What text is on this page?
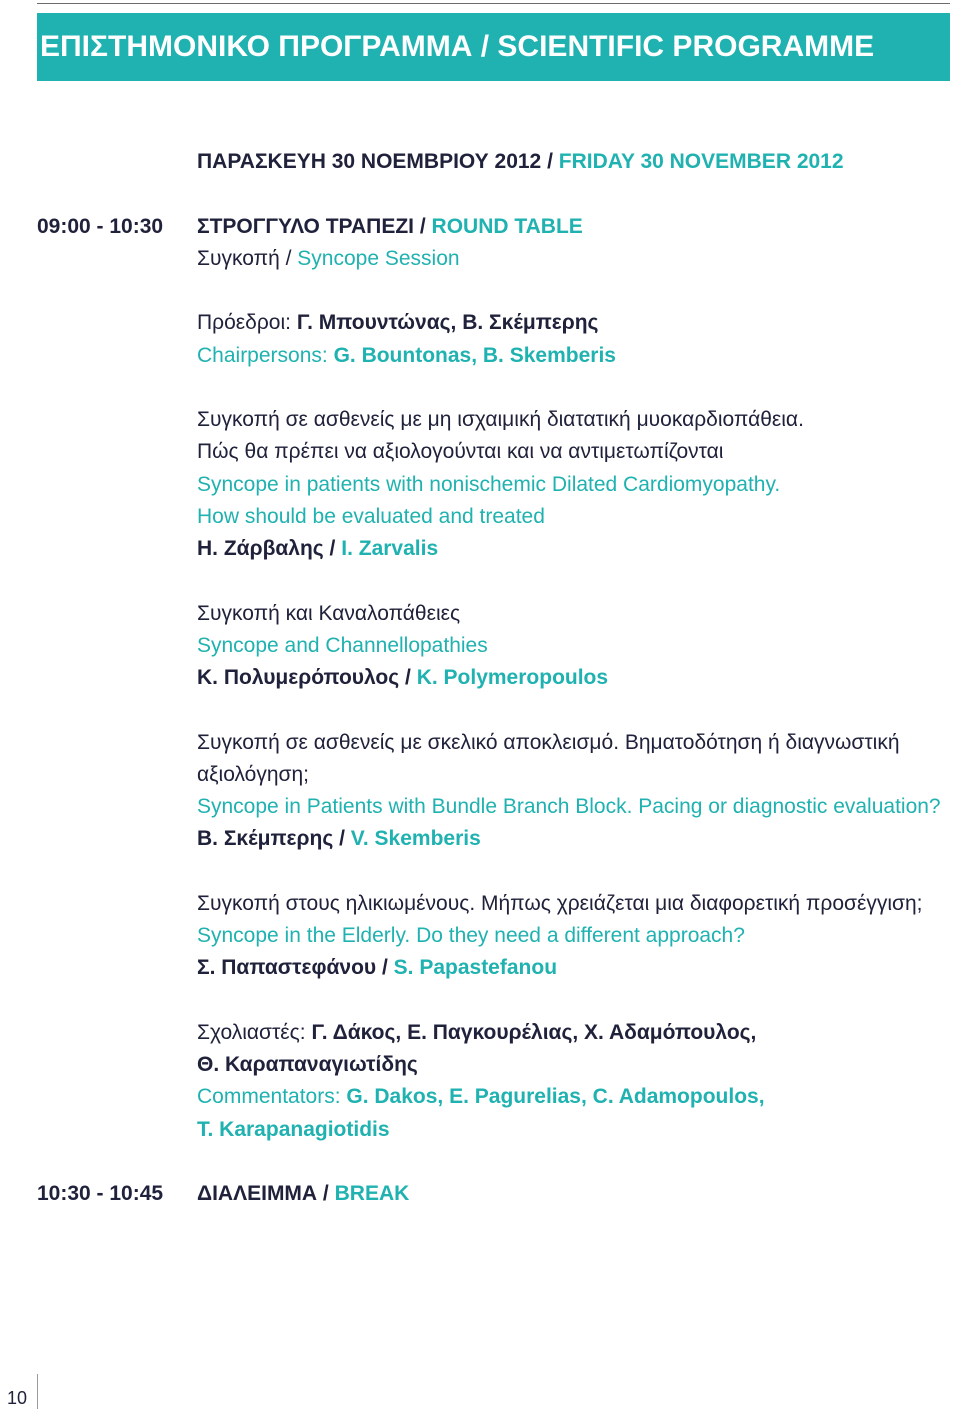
ΕΠΙΣΤΗΜΟΝΙΚΟ ΠΡΟΓΡΑΜΜΑ / SCIENTIFIC PROGRAMME
ΠΑΡΑΣΚΕΥΗ 30 ΝΟΕΜΒΡΙΟΥ 2012 / FRIDAY 30 NOVEMBER 2012
09:00 - 10:30	ΣΤΡΟΓΓΥΛΟ ΤΡΑΠΕΖΙ / ROUND TABLE
Συγκοπή / Syncope Session
Πρόεδροι: Γ. Μπουντώνας, Β. Σκέμπερης
Chairpersons: G. Bountonas, B. Skemberis
Συγκοπή σε ασθενείς με μη ισχαιμική διατατική μυοκαρδιοπάθεια.
Πώς θα πρέπει να αξιολογούνται και να αντιμετωπίζονται
Syncope in patients with nonischemic Dilated Cardiomyopathy.
How should be evaluated and treated
Η. Ζάρβαλης / I. Zarvalis
Συγκοπή και Καναλοπάθειες
Syncope and Channellopathies
Κ. Πολυμερόπουλος / K. Polymeropoulos
Συγκοπή σε ασθενείς με σκελικό αποκλεισμό. Βηματοδότηση ή διαγνωστική
αξιολόγηση;
Syncope in Patients with Bundle Branch Block. Pacing or diagnostic evaluation?
Β. Σκέμπερης / V. Skemberis
Συγκοπή στους ηλικιωμένους. Μήπως χρειάζεται μια διαφορετική προσέγγιση;
Syncope in the Elderly. Do they need a different approach?
Σ. Παπαστεφάνου / S. Papastefanou
Σχολιαστές: Γ. Δάκος, Ε. Παγκουρέλιας, Χ. Αδαμόπουλος,
Θ. Καραπαναγιωτίδης
Commentators: G. Dakos, E. Pagurelias, C. Adamopoulos,
T. Karapanagiotidis
10:30 - 10:45	ΔΙΑΛΕΙΜΜΑ / BREAK
10
